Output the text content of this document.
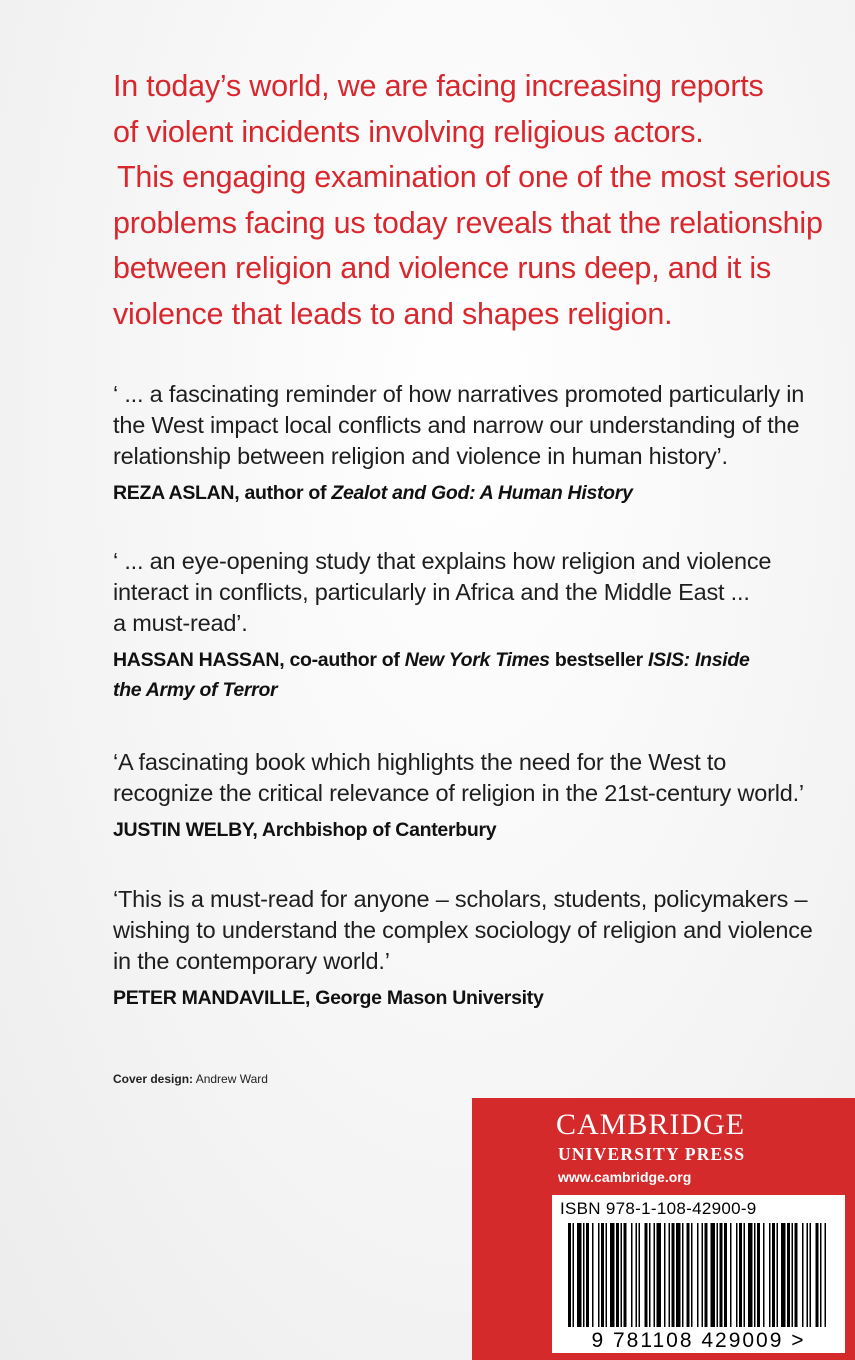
In today’s world, we are facing increasing reports

of violent incidents involving religious actors.

This engaging examination of one of the most serious

problems facing us today reveals that the relationship

between religion and violence runs deep, and it is

violence that leads to and shapes religion.

‘ ... a fascinating reminder of how narratives promoted particularly in

the West impact local conflicts and narrow our understanding of the

relationship between religion and violence in human history’.

REZA ASLAN, author of Zealot and God: A Human History

‘ ... an eye-opening study that explains how religion and violence

interact in conflicts, particularly in Africa and the Middle East ...

a must-read’.

HASSAN HASSAN, co-author of New York Times bestseller ISIS: Inside
the Army of Terror

‘A fascinating book which highlights the need for the West to

recognize the critical relevance of religion in the 21st-century world.’

JUSTIN WELBY, Archbishop of Canterbury

‘This is a must-read for anyone – scholars, students, policymakers –

wishing to understand the complex sociology of religion and violence

in the contemporary world.’

PETER MANDAVILLE, George Mason University
Cover design: Andrew Ward
CAMBRIDGE
UNIVERSITY PRESS
www.cambridge.org
ISBN 978-1-108-42900-9
9 781108 429009 >
